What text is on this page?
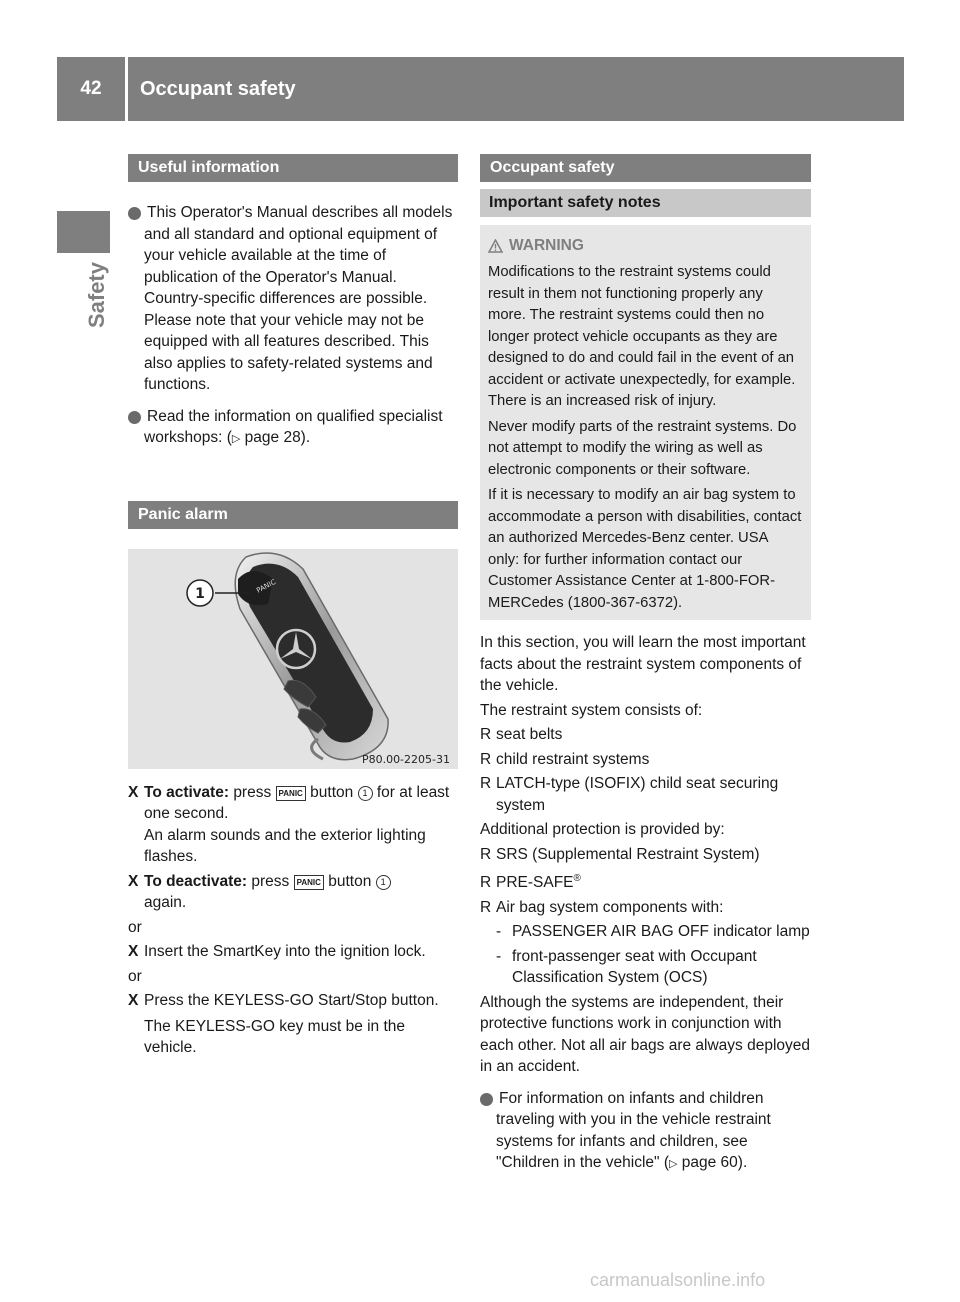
42	Occupant safety
Safety
Useful information

i This Operator's Manual describes all models and all standard and optional equipment of your vehicle available at the time of publication of the Operator's Manual. Country-specific differences are possible. Please note that your vehicle may not be equipped with all features described. This also applies to safety-related systems and functions.

i Read the information on qualified specialist workshops: (▷ page 28).

Panic alarm
PANIC
1
P80.00-2205-31

X To activate: press PANIC button 1 for at least one second.
An alarm sounds and the exterior lighting flashes.

X To deactivate: press PANIC button 1
again.

or

X Insert the SmartKey into the ignition lock.

or

X Press the KEYLESS-GO Start/Stop button.

The KEYLESS-GO key must be in the vehicle.

Occupant safety
Important safety notes
WARNING

Modifications to the restraint systems could result in them not functioning properly any more. The restraint systems could then no longer protect vehicle occupants as they are designed to do and could fail in the event of an accident or activate unexpectedly, for example. There is an increased risk of injury.

Never modify parts of the restraint systems. Do not attempt to modify the wiring as well as electronic components or their software.

If it is necessary to modify an air bag system to accommodate a person with disabilities, contact an authorized Mercedes-Benz center. USA only: for further information contact our Customer Assistance Center at 1-800-FOR-MERCedes (1800-367-6372).

In this section, you will learn the most important facts about the restraint system components of the vehicle.

The restraint system consists of:

R seat belts

R child restraint systems

R LATCH-type (ISOFIX) child seat securing system

Additional protection is provided by:

R SRS (Supplemental Restraint System)

R PRE-SAFE®

R Air bag system components with:

- PASSENGER AIR BAG OFF indicator lamp

- front-passenger seat with Occupant Classification System (OCS)

Although the systems are independent, their protective functions work in conjunction with each other. Not all air bags are always deployed in an accident.

i For information on infants and children traveling with you in the vehicle restraint systems for infants and children, see "Children in the vehicle" (▷ page 60).

carmanualsonline.info
